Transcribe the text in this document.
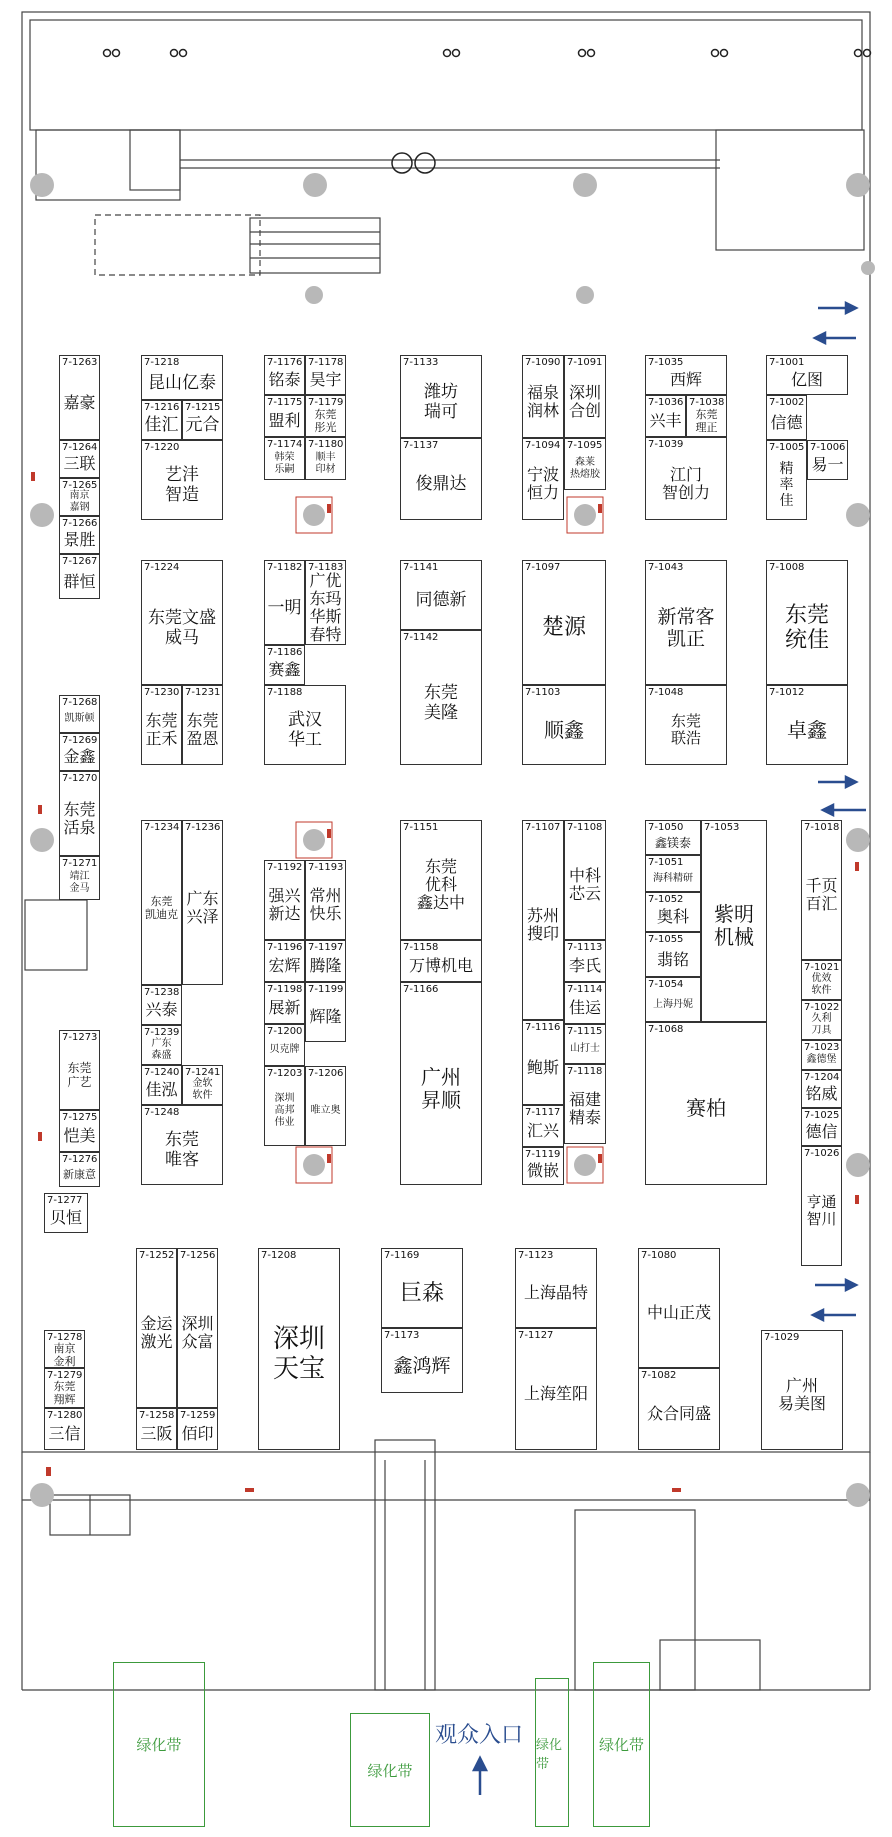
7-1263
嘉豪
7-1264
三联
7-1265
南京
嘉钢
7-1266
景胜
7-1267
群恒
7-1268
凯斯顿
7-1269
金鑫
7-1270
东莞
活泉
7-1271
靖江
金马
7-1273
东莞
广艺
7-1275
恺美
7-1276
新康意
7-1277
贝恒
7-1278
南京
金利
7-1279
东莞
翔辉
7-1280
三信
7-1218
昆山亿泰
7-1216
佳汇
7-1215
元合
7-1220
艺沣
智造
7-1176
铭泰
7-1178
昊宇
7-1175
盟利
7-1179
东莞
彤光
7-1174
韩荣
乐嗣
7-1180
顺丰
印材
7-1133
潍坊
瑞可
7-1137
俊鼎达
7-1090
福泉
润林
7-1091
深圳
合创
7-1094
宁波
恒力
7-1095
森莱
热熔胶
7-1035
西辉
7-1036
兴丰
7-1038
东莞
理正
7-1039
江门
智创力
7-1001
亿图
7-1002
信德
7-1005
精
率
佳
7-1006
易一
7-1224
东莞文盛
威马
7-1230
东莞
正禾
7-1231
东莞
盈恩
7-1182
一明
7-1183
广优
东玛
华斯
春特
7-1186
赛鑫
7-1188
武汉
华工
7-1141
同德新
7-1142
东莞
美隆
7-1097
楚源
7-1103
顺鑫
7-1043
新常客
凯正
7-1048
东莞
联浩
7-1008
东莞
统佳
7-1012
卓鑫
7-1234
东莞
凯迪克
7-1236
广东
兴泽
7-1238
兴泰
7-1239
广东
森盛
7-1240
佳泓
7-1241
金软
软件
7-1248
东莞
唯客
7-1192
强兴
新达
7-1193
常州
快乐
7-1196
宏辉
7-1197
腾隆
7-1198
展新
7-1199
辉隆
7-1200
贝克牌
7-1203
深圳
高邦
伟业
7-1206
唯立奥
7-1151
东莞
优科
鑫达中
7-1158
万博机电
7-1166
广州
昇顺
7-1107
苏州
搜印
7-1108
中科
芯云
7-1113
李氏
7-1114
佳运
7-1115
山打士
7-1116
鲍斯 7-1118
福建
精泰
7-1117
汇兴
7-1119
微嵌
7-1050
鑫镁泰
7-1053
紫明
机械
7-1051
海科精研
7-1052
奥科
7-1055
翡铭
7-1054
上海丹妮
7-1068
赛柏
7-1018
千页
百汇
7-1021
优效
软件
7-1022
久利
刀具
7-1023
鑫德堡
7-1204
铭威
7-1025
德信
7-1026
亨通
智川
7-1252
金运
激光
7-1256
深圳
众富
7-1258
三阪
7-1259
佰印
7-1208
深圳
天宝
7-1169
巨森
7-1173
鑫鸿辉
7-1123
上海晶特
7-1127
上海笙阳
7-1080
中山正茂
7-1082
众合同盛
7-1029
广州
易美图
绿化带
绿化带
绿化带
绿化带
观众入口
